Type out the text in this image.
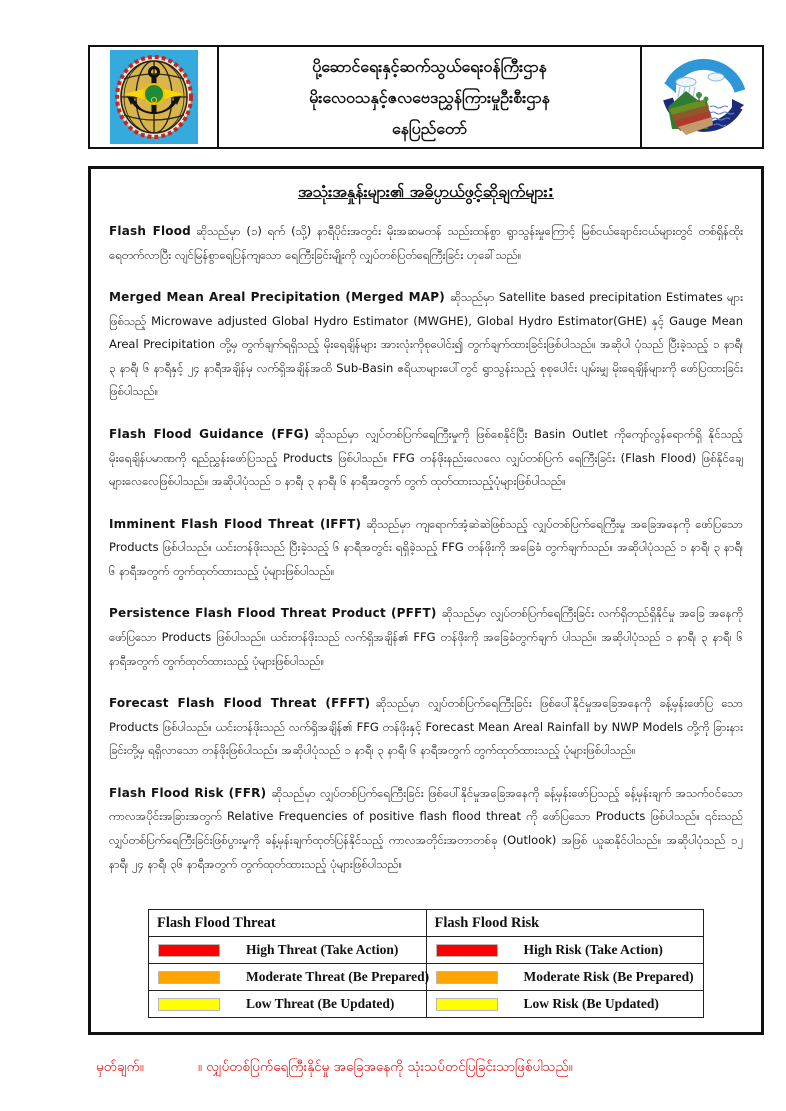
ပို့ဆောင်ရေးနှင့်ဆက်သွယ်ရေးဝန်ကြီးဌာန
မိုးလေဝသနှင့်ဇလဗေဒညွှန်ကြားမှုဦးစီးဌာန
နေပြည်တော်
အသုံးအနှုန်းများ၏ အဓိပ္ပာယ်ဖွင့်ဆိုချက်များ:

Flash Flood ဆိုသည်မှာ (၁) ရက် (သို့) နာရီပိုင်းအတွင်း မိုးအဆမတန် သည်းထန်စွာ ရွာသွန်းမှုကြောင့် မြစ်ငယ်ချောင်းငယ်များတွင် တစ်ရှိန်ထိုးရေတက်လာပြီး လျင်မြန်စွာရေပြန်ကျသော ရေကြီးခြင်းမျိုးကို လျှပ်တစ်ပြတ်ရေကြီးခြင်း ဟုခေါ်သည်။

Merged Mean Areal Precipitation (Merged MAP) ဆိုသည်မှာ Satellite based precipitation Estimates များဖြစ်သည့် Microwave adjusted Global Hydro Estimator (MWGHE), Global Hydro Estimator(GHE) နှင့် Gauge Mean Areal Precipitation တို့မှ တွက်ချက်ရရှိသည့် မိုးရေချိန်များ အားလုံးကိုစုပေါင်း၍ တွက်ချက်ထားခြင်းဖြစ်ပါသည်။ အဆိုပါ ပုံသည် ပြီးခဲ့သည့် ၁ နာရီ၊ ၃ နာရီ၊ ၆ နာရီနှင့် ၂၄ နာရီအချိန်မှ လက်ရှိအချိန်အထိ Sub-Basin ဧရိယာများပေါ်တွင် ရွာသွန်းသည့် စုစုပေါင်း ပျမ်းမျှ မိုးရေချိန်များကို ဖော်ပြထားခြင်းဖြစ်ပါသည်။

Flash Flood Guidance (FFG) ဆိုသည်မှာ လျှပ်တစ်ပြက်ရေကြီးမှုကို ဖြစ်စေနိုင်ပြီး Basin Outlet ကိုကျော်လွန်ရောက်ရှိ နိုင်သည့် မိုးရေချိန်ပမာဏကို ရည်ညွှန်းဖော်ပြသည့် Products ဖြစ်ပါသည်။ FFG တန်ဖိုးနည်းလေလေ လျှပ်တစ်ပြက် ရေကြီးခြင်း (Flash Flood) ဖြစ်နိုင်ချေ များလေလေဖြစ်ပါသည်။ အဆိုပါပုံသည် ၁ နာရီ၊ ၃ နာရီ၊ ၆ နာရီအတွက် တွက် ထုတ်ထားသည့်ပုံများဖြစ်ပါသည်။

Imminent Flash Flood Threat (IFFT) ဆိုသည်မှာ ကျရောက်အံ့ဆဲဆဲဖြစ်သည့် လျှပ်တစ်ပြက်ရေကြီးမှု အခြေအနေကို ဖော်ပြသော Products ဖြစ်ပါသည်။ ယင်းတန်ဖိုးသည် ပြီးခဲ့သည့် ၆ နာရီအတွင်း ရရှိခဲ့သည့် FFG တန်ဖိုးကို အခြေခံ တွက်ချက်သည်။ အဆိုပါပုံသည် ၁ နာရီ၊ ၃ နာရီ၊ ၆ နာရီအတွက် တွက်ထုတ်ထားသည့် ပုံများဖြစ်ပါသည်။

Persistence Flash Flood Threat Product (PFFT) ဆိုသည်မှာ လျှပ်တစ်ပြက်ရေကြီးခြင်း လက်ရှိတည်ရှိနိုင်မှု အခြေ အနေကို ဖော်ပြသော Products ဖြစ်ပါသည်။ ယင်းတန်ဖိုးသည် လက်ရှိအချိန်၏ FFG တန်ဖိုးကို အခြေခံတွက်ချက် ပါသည်။ အဆိုပါပုံသည် ၁ နာရီ၊ ၃ နာရီ၊ ၆ နာရီအတွက် တွက်ထုတ်ထားသည့် ပုံများဖြစ်ပါသည်။

Forecast Flash Flood Threat (FFFT) ဆိုသည်မှာ လျှပ်တစ်ပြက်ရေကြီးခြင်း ဖြစ်ပေါ်နိုင်မှုအခြေအနေကို ခန့်မှန်းဖော်ပြ သော Products ဖြစ်ပါသည်။ ယင်းတန်ဖိုးသည် လက်ရှိအချိန်၏ FFG တန်ဖိုးနှင့် Forecast Mean Areal Rainfall by NWP Models တို့ကို ခြားနားခြင်းတို့မှ ရရှိလာသော တန်ဖိုးဖြစ်ပါသည်။ အဆိုပါပုံသည် ၁ နာရီ၊ ၃ နာရီ၊ ၆ နာရီအတွက် တွက်ထုတ်ထားသည့် ပုံများဖြစ်ပါသည်။

Flash Flood Risk (FFR) ဆိုသည်မှာ လျှပ်တစ်ပြက်ရေကြီးခြင်း ဖြစ်ပေါ်နိုင်မှုအခြေအနေကို ခန့်မှန်းဖော်ပြသည့် ခန့်မှန်းချက် အသက်ဝင်သော ကာလအပိုင်းအခြားအတွက် Relative Frequencies of positive flash flood threat ကို ဖော်ပြသော Products ဖြစ်ပါသည်။ ၎င်းသည် လျှပ်တစ်ပြက်ရေကြီးခြင်းဖြစ်ပွားမှုကို ခန့်မှန်းချက်ထုတ်ပြန်နိုင်သည့် ကာလအတိုင်းအတာတစ်ခု (Outlook) အဖြစ် ယူဆနိုင်ပါသည်။ အဆိုပါပုံသည် ၁၂ နာရီ၊ ၂၄ နာရီ၊ ၃၆ နာရီအတွက် တွက်ထုတ်ထားသည့် ပုံများဖြစ်ပါသည်။

Flash Flood Threat	Flash Flood Risk

High Threat (Take Action)	High Risk (Take Action)

Moderate Threat (Be Prepared)	Moderate Risk (Be Prepared)

Low Threat (Be Updated)	Low Risk (Be Updated)
မှတ်ချက်။	။ လျှပ်တစ်ပြက်ရေကြီးနိုင်မှု အခြေအနေကို သုံးသပ်တင်ပြခြင်းသာဖြစ်ပါသည်။
